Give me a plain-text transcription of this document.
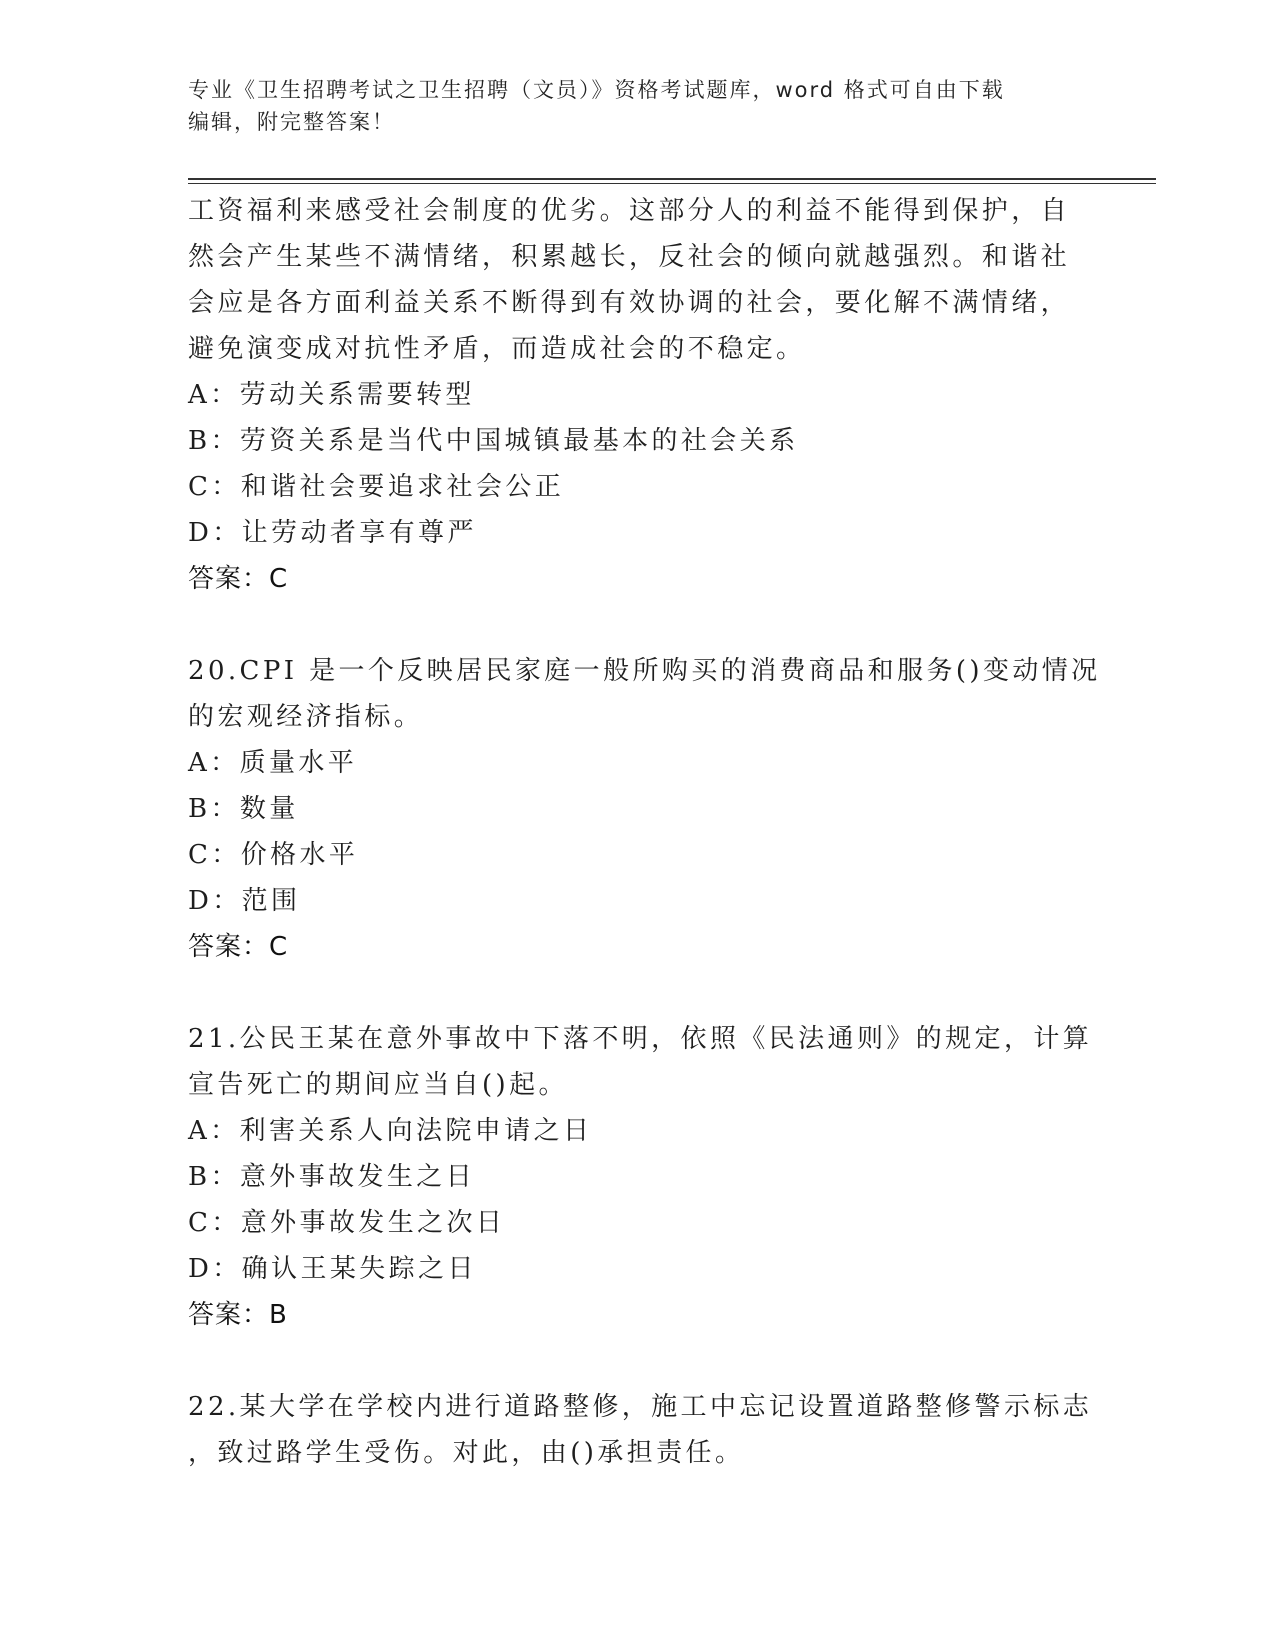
专业《卫生招聘考试之卫生招聘（文员）》资格考试题库，word 格式可自由下载
编辑，附完整答案！
工资福利来感受社会制度的优劣。这部分人的利益不能得到保护，自
然会产生某些不满情绪，积累越长，反社会的倾向就越强烈。和谐社
会应是各方面利益关系不断得到有效协调的社会，要化解不满情绪，
避免演变成对抗性矛盾，而造成社会的不稳定。
A：劳动关系需要转型
B：劳资关系是当代中国城镇最基本的社会关系
C：和谐社会要追求社会公正
D：让劳动者享有尊严
答案：C
20.CPI 是一个反映居民家庭一般所购买的消费商品和服务()变动情况
的宏观经济指标。
A：质量水平
B：数量
C：价格水平
D：范围
答案：C
21.公民王某在意外事故中下落不明，依照《民法通则》的规定，计算
宣告死亡的期间应当自()起。
A：利害关系人向法院申请之日
B：意外事故发生之日
C：意外事故发生之次日
D：确认王某失踪之日
答案：B
22.某大学在学校内进行道路整修，施工中忘记设置道路整修警示标志
，致过路学生受伤。对此，由()承担责任。
